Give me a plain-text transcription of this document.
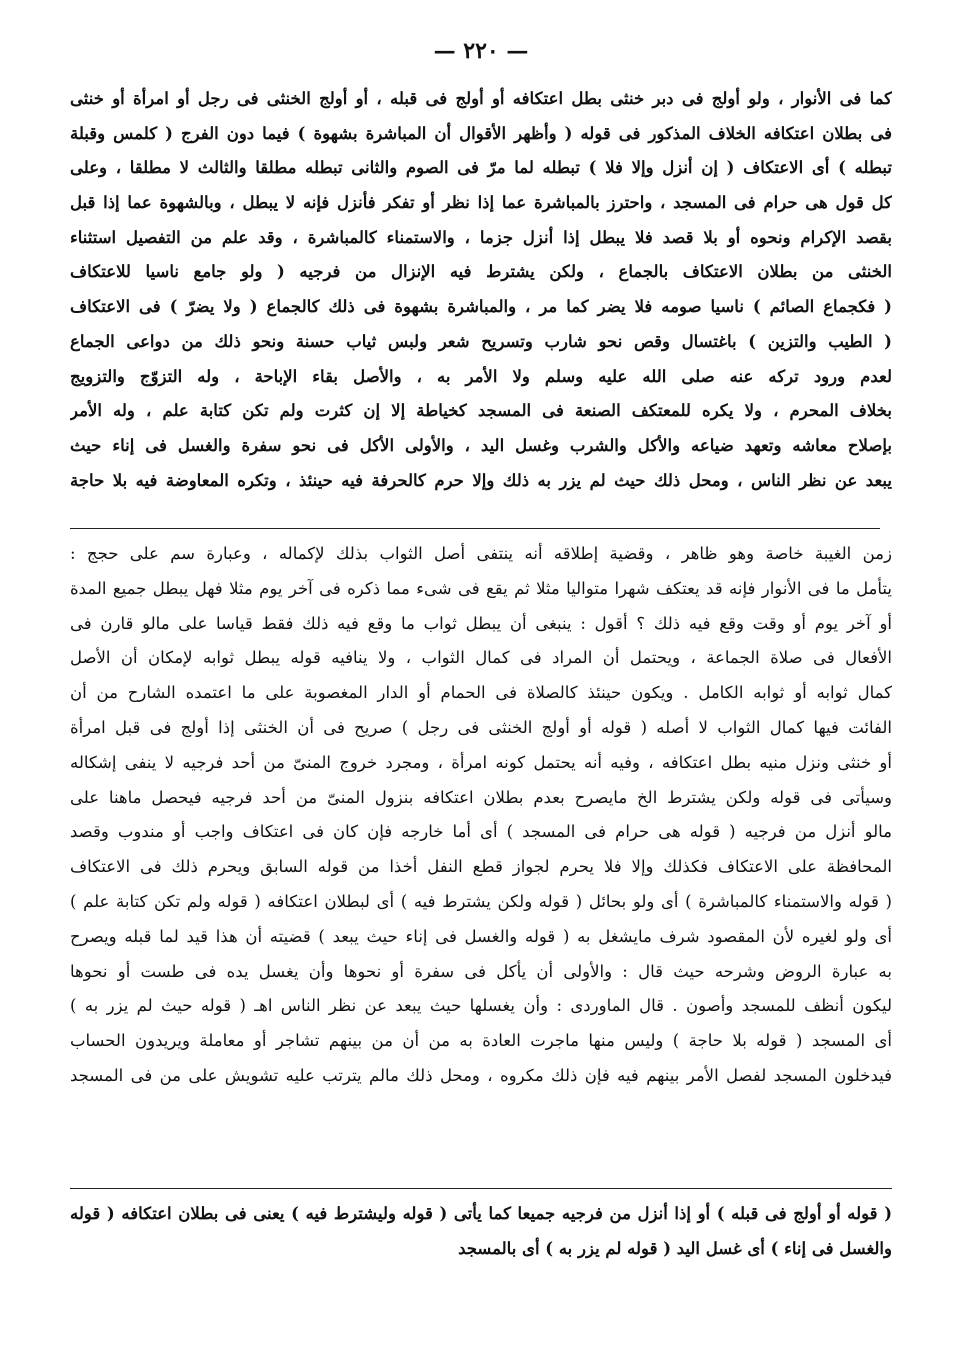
— ٢٢٠ —

كما فى الأنوار ، ولو أولج فى دبر خنثى بطل اعتكافه أو أولج فى قبله ، أو أولج الخنثى فى رجل أو امرأة أو خنثى

فى بطلان اعتكافه الخلاف المذكور فى قوله ( وأظهر الأقوال أن المباشرة بشهوة ) فيما دون الفرج ( كلمس وقبلة

تبطله ) أى الاعتكاف ( إن أنزل وإلا فلا ) تبطله لما مرّ فى الصوم والثانى تبطله مطلقا والثالث لا مطلقا ، وعلى

كل قول هى حرام فى المسجد ، واحترز بالمباشرة عما إذا نظر أو تفكر فأنزل فإنه لا يبطل ، وبالشهوة عما إذا قبل

بقصد الإكرام ونحوه أو بلا قصد فلا يبطل إذا أنزل جزما ، والاستمناء كالمباشرة ، وقد علم من التفصيل استثناء

الخنثى من بطلان الاعتكاف بالجماع ، ولكن يشترط فيه الإنزال من فرجيه ( ولو جامع ناسيا للاعتكاف

( فكجماع الصائم ) ناسيا صومه فلا يضر كما مر ، والمباشرة بشهوة فى ذلك كالجماع ( ولا يضرّ ) فى الاعتكاف

( الطيب والتزين ) باغتسال وقص نحو شارب وتسريح شعر ولبس ثياب حسنة ونحو ذلك من دواعى الجماع

لعدم ورود تركه عنه صلى الله عليه وسلم ولا الأمر به ، والأصل بقاء الإباحة ، وله التزوّج والتزويج

بخلاف المحرم ، ولا يكره للمعتكف الصنعة فى المسجد كخياطة إلا إن كثرت ولم تكن كتابة علم ، وله الأمر

بإصلاح معاشه وتعهد ضياعه والأكل والشرب وغسل اليد ، والأولى الأكل فى نحو سفرة والغسل فى إناء حيث

يبعد عن نظر الناس ، ومحل ذلك حيث لم يزر به ذلك وإلا حرم كالحرفة فيه حينئذ ، وتكره المعاوضة فيه بلا حاجة

زمن الغيبة خاصة وهو ظاهر ، وقضية إطلاقه أنه ينتفى أصل الثواب بذلك لإكماله ، وعبارة سم على حجج :

يتأمل ما فى الأنوار فإنه قد يعتكف شهرا متواليا مثلا ثم يقع فى شىء مما ذكره فى آخر يوم مثلا فهل يبطل جميع المدة

أو آخر يوم أو وقت وقع فيه ذلك ؟ أقول : ينبغى أن يبطل ثواب ما وقع فيه ذلك فقط قياسا على مالو قارن فى

الأفعال فى صلاة الجماعة ، ويحتمل أن المراد فى كمال الثواب ، ولا ينافيه قوله يبطل ثوابه لإمكان أن الأصل

كمال ثوابه أو ثوابه الكامل . ويكون حينئذ كالصلاة فى الحمام أو الدار المغصوبة على ما اعتمده الشارح من أن

الفائت فيها كمال الثواب لا أصله ( قوله أو أولج الخنثى فى رجل ) صريح فى أن الخنثى إذا أولج فى قبل امرأة

أو خنثى ونزل منيه بطل اعتكافه ، وفيه أنه يحتمل كونه امرأة ، ومجرد خروج المنىّ من أحد فرجيه لا ينفى إشكاله

وسيأتى فى قوله ولكن يشترط الخ مايصرح بعدم بطلان اعتكافه بنزول المنىّ من أحد فرجيه فيحصل ماهنا على

مالو أنزل من فرجيه ( قوله هى حرام فى المسجد ) أى أما خارجه فإن كان فى اعتكاف واجب أو مندوب وقصد

المحافظة على الاعتكاف فكذلك وإلا فلا يحرم لجواز قطع النفل أخذا من قوله السابق ويحرم ذلك فى الاعتكاف

( قوله والاستمناء كالمباشرة ) أى ولو بحائل ( قوله ولكن يشترط فيه ) أى لبطلان اعتكافه ( قوله ولم تكن كتابة علم )

أى ولو لغيره لأن المقصود شرف مايشغل به ( قوله والغسل فى إناء حيث يبعد ) قضيته أن هذا قيد لما قبله ويصرح

به عبارة الروض وشرحه حيث قال : والأولى أن يأكل فى سفرة أو نحوها وأن يغسل يده فى طست أو نحوها

ليكون أنظف للمسجد وأصون . قال الماوردى : وأن يغسلها حيث يبعد عن نظر الناس اهـ ( قوله حيث لم يزر به )

أى المسجد ( قوله بلا حاجة ) وليس منها ماجرت العادة به من أن من بينهم تشاجر أو معاملة ويريدون الحساب

فيدخلون المسجد لفصل الأمر بينهم فيه فإن ذلك مكروه ، ومحل ذلك مالم يترتب عليه تشويش على من فى المسجد

( قوله أو أولج فى قبله ) أو إذا أنزل من فرجيه جميعا كما يأتى ( قوله وليشترط فيه ) يعنى فى بطلان اعتكافه ( قوله

والغسل فى إناء ) أى غسل اليد ( قوله لم يزر به ) أى بالمسجد
